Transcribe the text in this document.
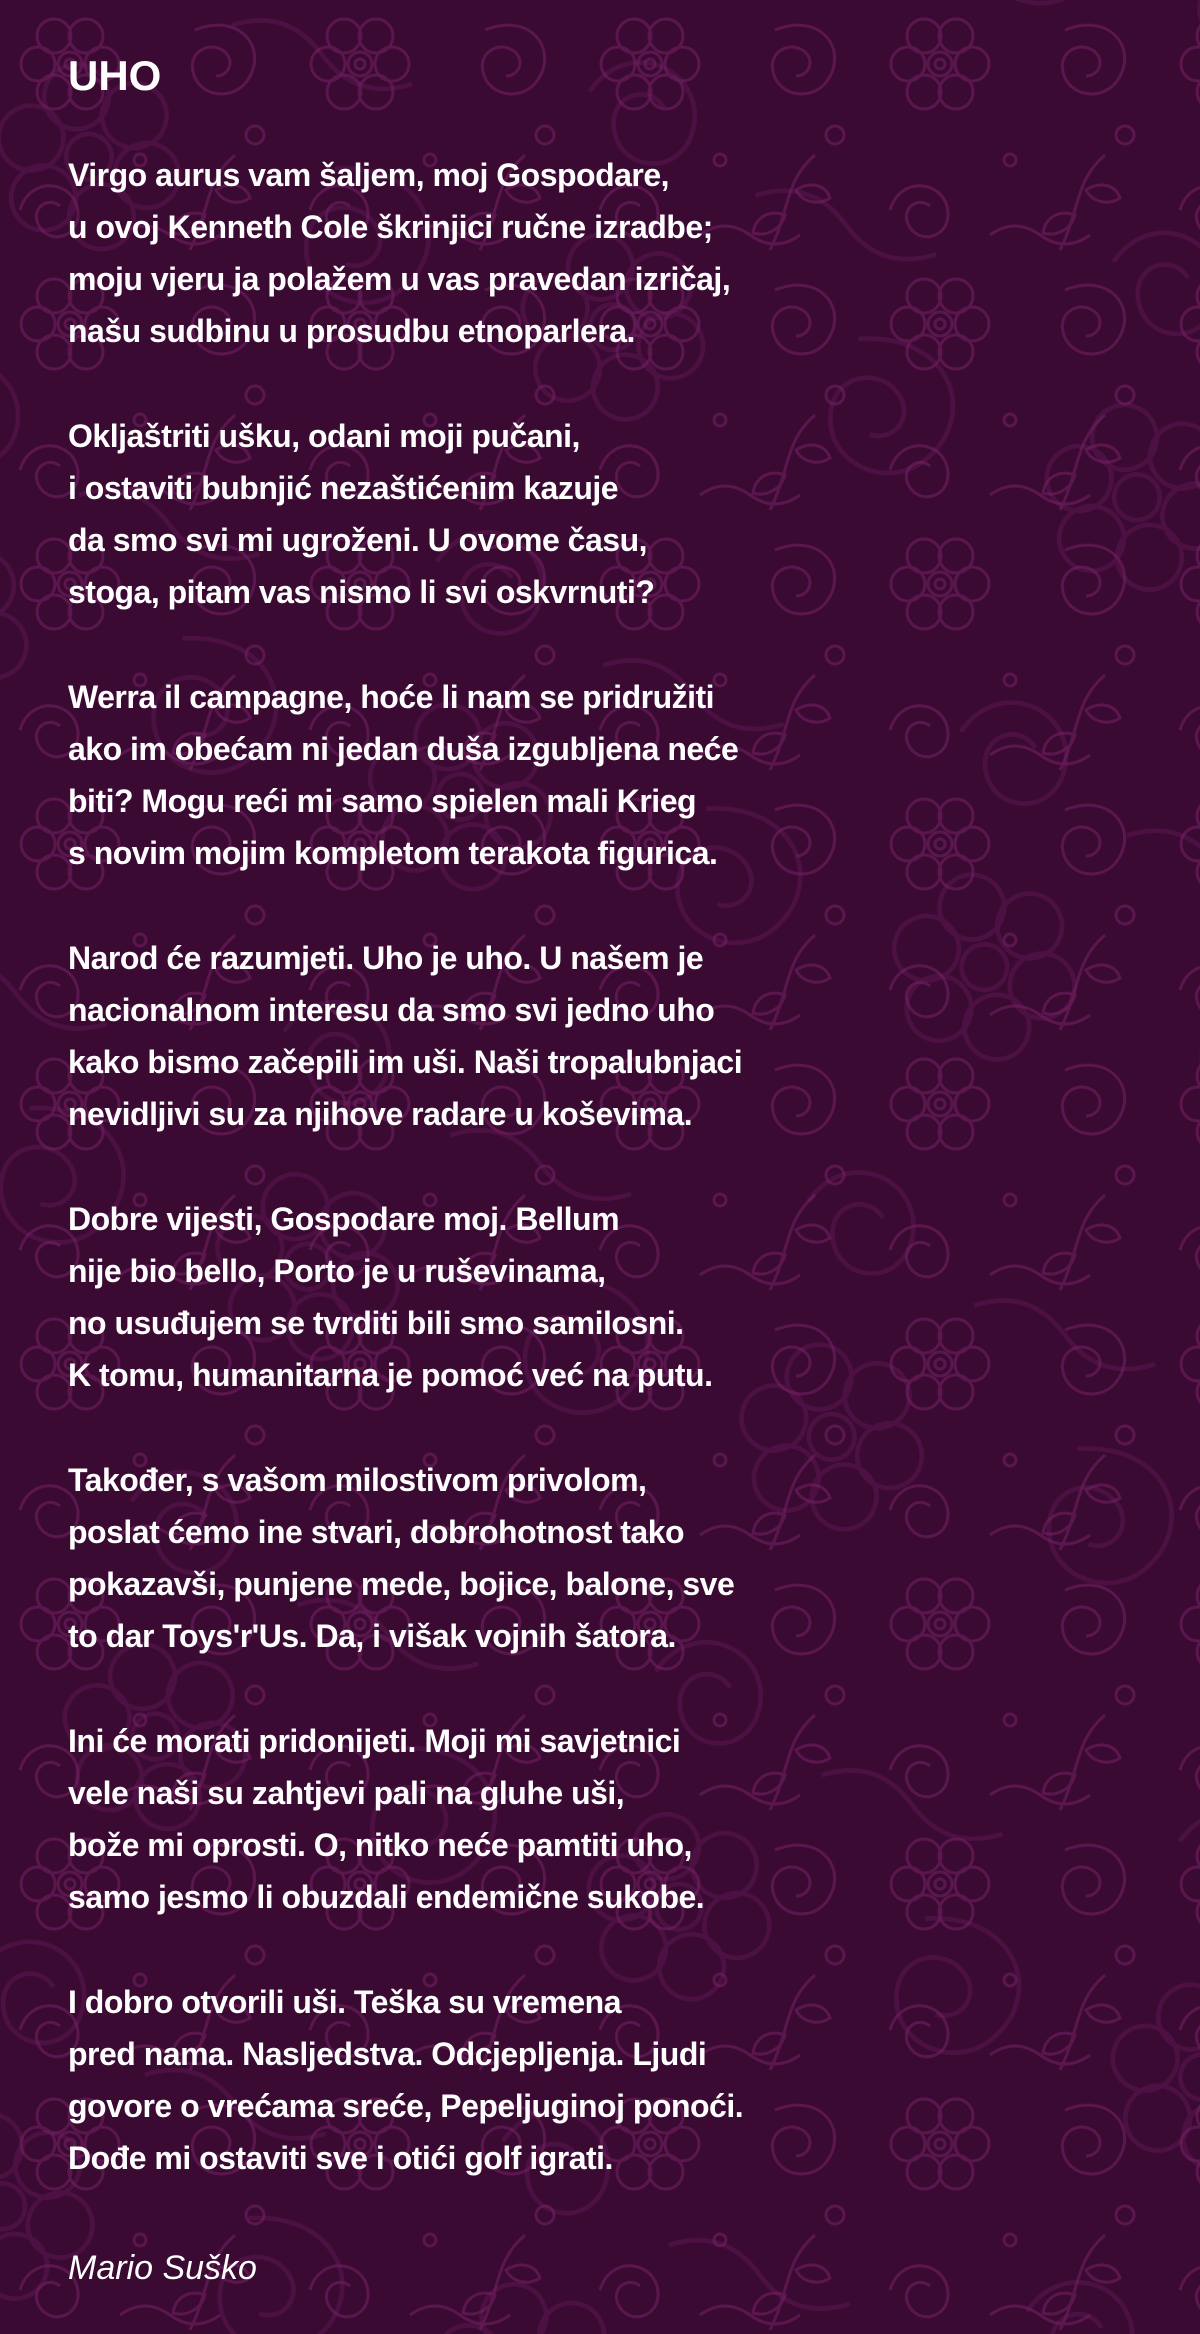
UHO

Virgo aurus vam šaljem, moj Gospodare,
u ovoj Kenneth Cole škrinjici ručne izradbe;
moju vjeru ja polažem u vas pravedan izričaj,
našu sudbinu u prosudbu etnoparlera.

Okljaštriti ušku, odani moji pučani,
i ostaviti bubnjić nezaštićenim kazuje
da smo svi mi ugroženi. U ovome času,
stoga, pitam vas nismo li svi oskvrnuti?

Werra il campagne, hoće li nam se pridružiti
ako im obećam ni jedan duša izgubljena neće
biti? Mogu reći mi samo spielen mali Krieg
s novim mojim kompletom terakota figurica.

Narod će razumjeti. Uho je uho. U našem je
nacionalnom interesu da smo svi jedno uho
kako bismo začepili im uši. Naši tropalubnjaci
nevidljivi su za njihove radare u koševima.

Dobre vijesti, Gospodare moj. Bellum
nije bio bello, Porto je u ruševinama,
no usuđujem se tvrditi bili smo samilosni.
K tomu, humanitarna je pomoć već na putu.

Također, s vašom milostivom privolom,
poslat ćemo ine stvari, dobrohotnost tako
pokazavši, punjene mede, bojice, balone, sve
to dar Toys'r'Us. Da, i višak vojnih šatora.

Ini će morati pridonijeti. Moji mi savjetnici
vele naši su zahtjevi pali na gluhe uši,
bože mi oprosti. O, nitko neće pamtiti uho,
samo jesmo li obuzdali endemične sukobe.

I dobro otvorili uši. Teška su vremena
pred nama. Nasljedstva. Odcjepljenja. Ljudi
govore o vrećama sreće, Pepeljuginoj ponoći.
Dođe mi ostaviti sve i otići golf igrati.

Mario Suško
